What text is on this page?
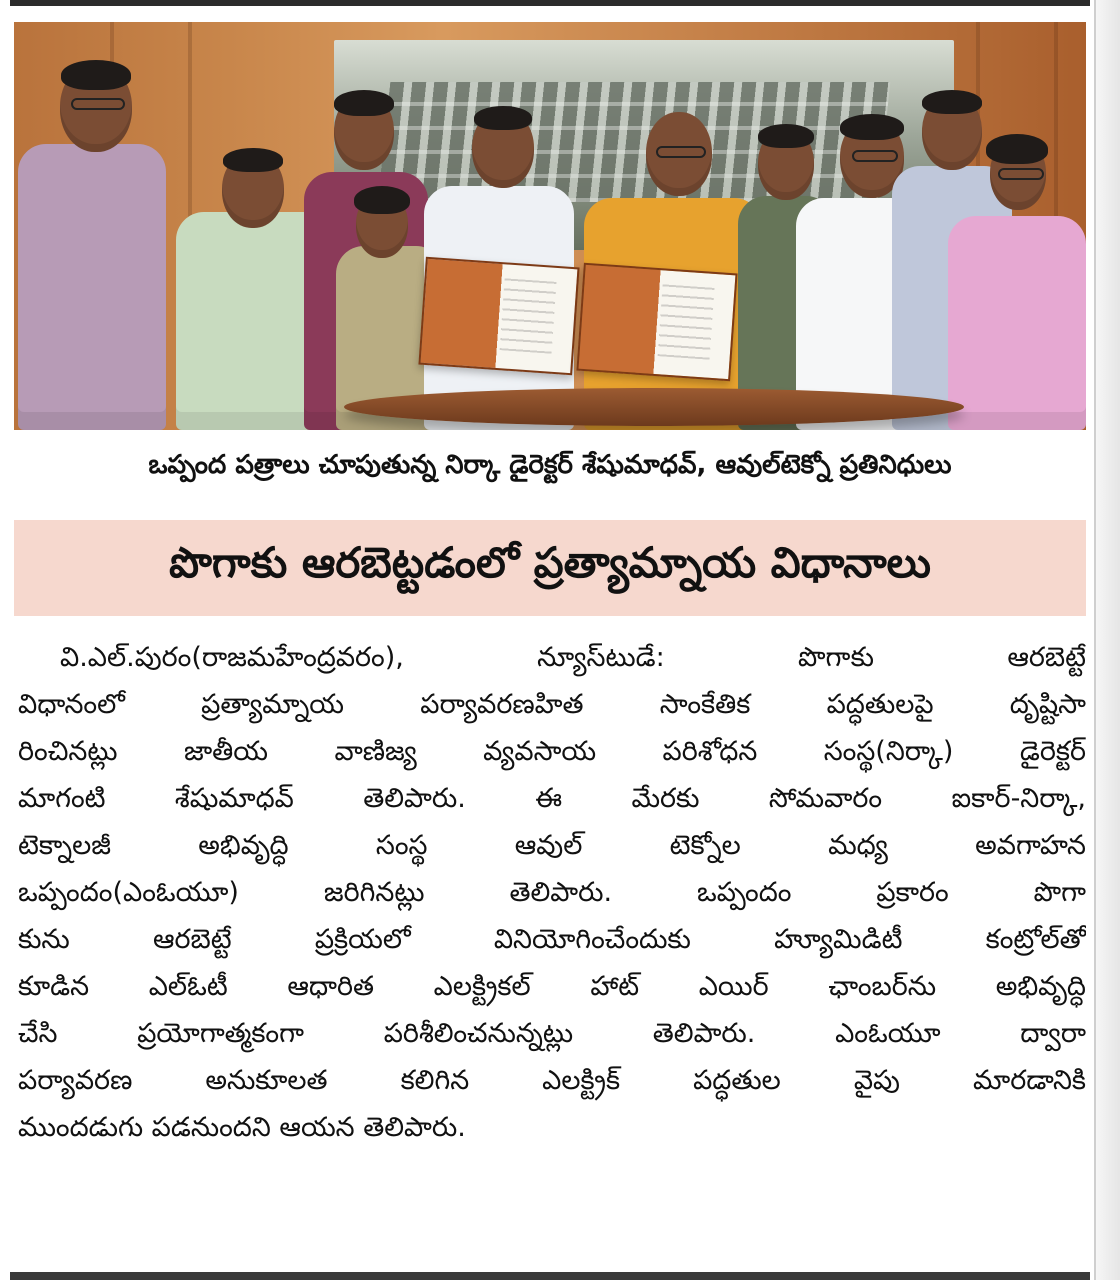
ఒప్పంద పత్రాలు చూపుతున్న నిర్కా డైరెక్టర్ శేషుమాధవ్, ఆవుల్‌టెక్నో ప్రతినిధులు
పొగాకు ఆరబెట్టడంలో ప్రత్యామ్నాయ విధానాలు
వి.ఎల్.పురం(రాజమహేంద్రవరం), న్యూస్‌టుడే: పొగాకు ఆరబెట్టే
విధానంలో ప్రత్యామ్నాయ పర్యావరణహిత సాంకేతిక పద్ధతులపై దృష్టిసా
రించినట్లు జాతీయ వాణిజ్య వ్యవసాయ పరిశోధన సంస్థ(నిర్కా) డైరెక్టర్
మాగంటి శేషుమాధవ్ తెలిపారు. ఈ మేరకు సోమవారం ఐకార్-నిర్కా,
టెక్నాలజీ అభివృద్ధి సంస్థ ఆవుల్ టెక్నోల మధ్య అవగాహన
ఒప్పందం(ఎంఓయూ) జరిగినట్లు తెలిపారు. ఒప్పందం ప్రకారం పొగా
కును ఆరబెట్టే ప్రక్రియలో వినియోగించేందుకు హ్యూమిడిటీ కంట్రోల్‌తో
కూడిన ఎల్‌ఓటీ ఆధారిత ఎలక్ట్రికల్ హాట్ ఎయిర్ ఛాంబర్‌ను అభివృద్ధి
చేసి ప్రయోగాత్మకంగా పరిశీలించనున్నట్లు తెలిపారు. ఎంఓయూ ద్వారా
పర్యావరణ అనుకూలత కలిగిన ఎలక్ట్రిక్ పద్ధతుల వైపు మారడానికి
ముందడుగు పడనుందని ఆయన తెలిపారు.
